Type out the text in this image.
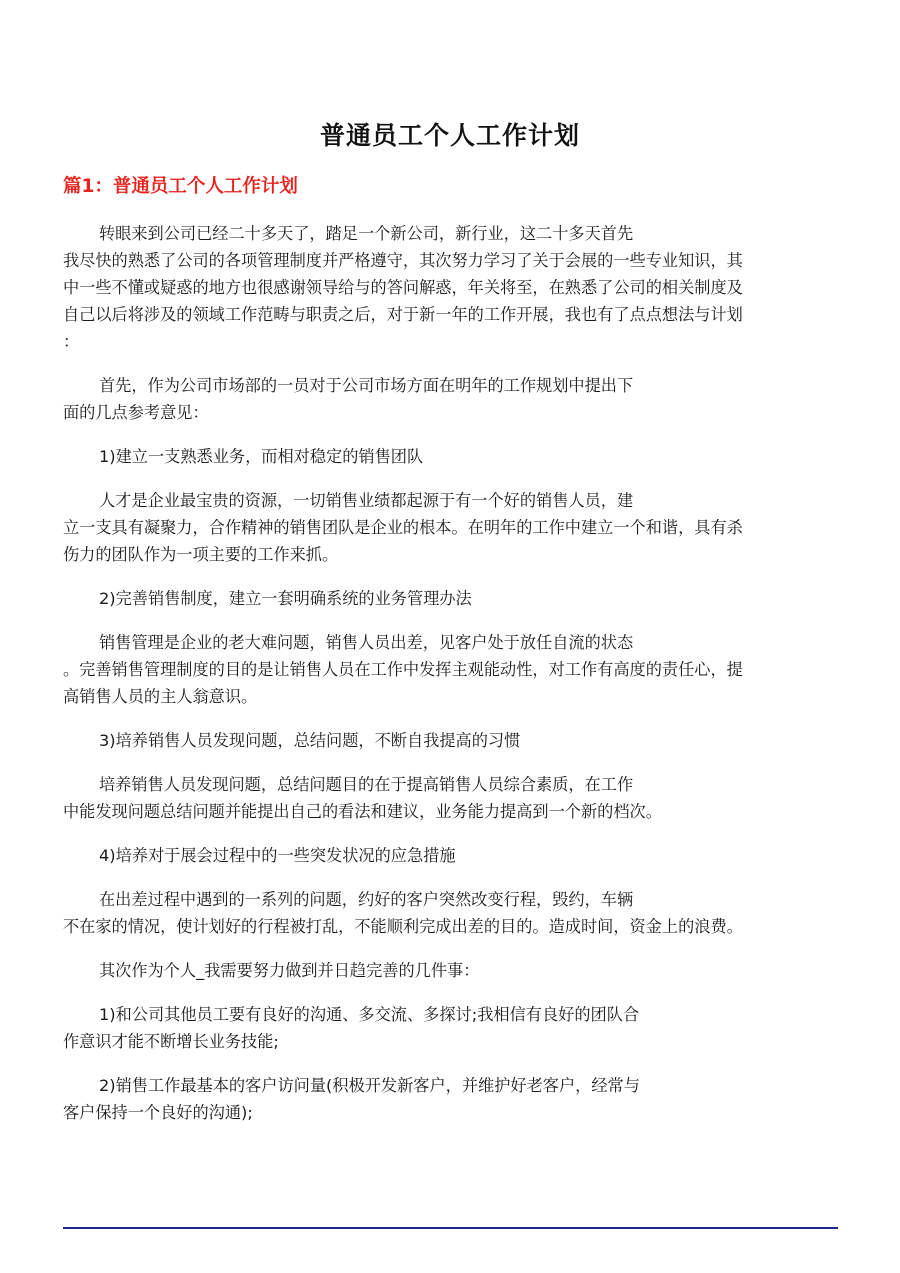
普通员工个人工作计划
篇1：普通员工个人工作计划
转眼来到公司已经二十多天了，踏足一个新公司，新行业，这二十多天首先
我尽快的熟悉了公司的各项管理制度并严格遵守，其次努力学习了关于会展的一些专业知识，其
中一些不懂或疑惑的地方也很感谢领导给与的答问解惑，年关将至，在熟悉了公司的相关制度及
自己以后将涉及的领域工作范畴与职责之后，对于新一年的工作开展，我也有了点点想法与计划
：
首先，作为公司市场部的一员对于公司市场方面在明年的工作规划中提出下
面的几点参考意见：
1)建立一支熟悉业务，而相对稳定的销售团队
人才是企业最宝贵的资源，一切销售业绩都起源于有一个好的销售人员，建
立一支具有凝聚力，合作精神的销售团队是企业的根本。在明年的工作中建立一个和谐，具有杀
伤力的团队作为一项主要的工作来抓。
2)完善销售制度，建立一套明确系统的业务管理办法
销售管理是企业的老大难问题，销售人员出差，见客户处于放任自流的状态
。完善销售管理制度的目的是让销售人员在工作中发挥主观能动性，对工作有高度的责任心，提
高销售人员的主人翁意识。
3)培养销售人员发现问题，总结问题，不断自我提高的习惯
培养销售人员发现问题，总结问题目的在于提高销售人员综合素质，在工作
中能发现问题总结问题并能提出自己的看法和建议，业务能力提高到一个新的档次。
4)培养对于展会过程中的一些突发状况的应急措施
在出差过程中遇到的一系列的问题，约好的客户突然改变行程，毁约，车辆
不在家的情况，使计划好的行程被打乱，不能顺利完成出差的目的。造成时间，资金上的浪费。
其次作为个人_我需要努力做到并日趋完善的几件事：
1)和公司其他员工要有良好的沟通、多交流、多探讨;我相信有良好的团队合
作意识才能不断增长业务技能;
2)销售工作最基本的客户访问量(积极开发新客户，并维护好老客户，经常与
客户保持一个良好的沟通);
